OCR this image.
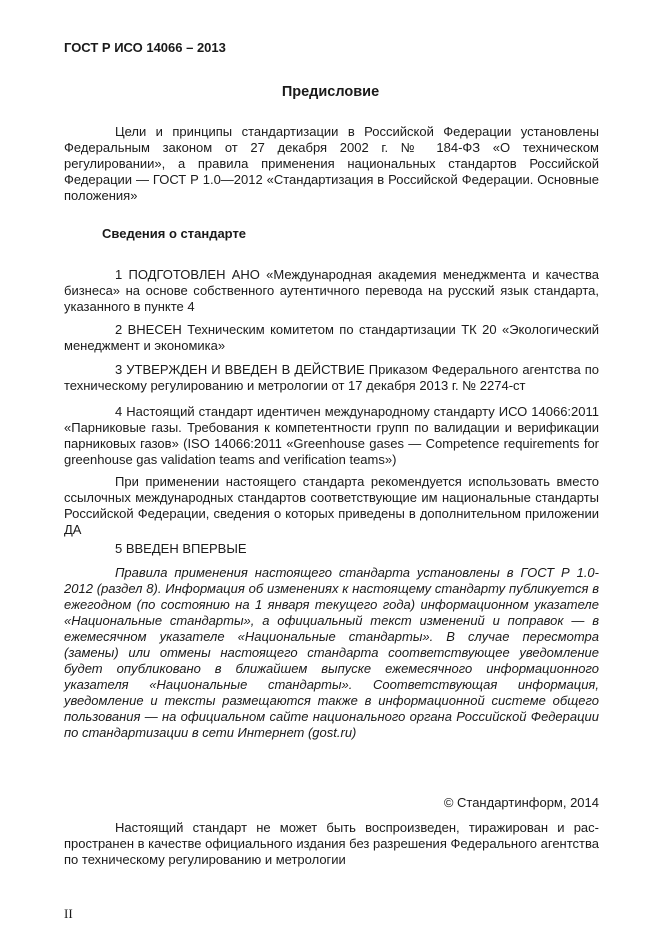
ГОСТ Р ИСО 14066 – 2013
Предисловие

Цели и принципы стандартизации в Российской Федерации установлены Федеральным законом от 27 декабря 2002 г. № 184-ФЗ «О техническом регулировании», а правила применения национальных стандартов Российской Федерации — ГОСТ Р 1.0—2012 «Стандартизация в Российской Федерации. Основные положения»

Сведения о стандарте

1 ПОДГОТОВЛЕН АНО «Международная академия менеджмента и качества бизнеса» на основе собственного аутентичного перевода на русский язык стандарта, указанного в пункте 4

2 ВНЕСЕН Техническим комитетом по стандартизации ТК 20 «Экологический менеджмент и экономика»

3 УТВЕРЖДЕН И ВВЕДЕН В ДЕЙСТВИЕ Приказом Федерального агентства по техническому регулированию и метрологии от 17 декабря 2013 г. № 2274-ст

4 Настоящий стандарт идентичен международному стандарту ИСО 14066:2011 «Парниковые газы. Требования к компетентности групп по валидации и верификации парниковых газов» (ISO 14066:2011 «Greenhouse gases — Competence requirements for greenhouse gas validation teams and verification teams»)

При применении настоящего стандарта рекомендуется использовать вместо ссылочных международных стандартов соответствующие им национальные стандарты Российской Федерации, сведения о которых приведены в дополнительном приложении ДА

5 ВВЕДЕН ВПЕРВЫЕ

Правила применения настоящего стандарта установлены в ГОСТ Р 1.0-2012 (раздел 8). Информация об изменениях к настоящему стандарту публикуется в ежегодном (по состоянию на 1 января текущего года) информационном указателе «Национальные стандарты», а официальный текст изменений и поправок — в ежемесячном указателе «Национальные стандарты». В случае пересмотра (замены) или отмены настоящего стандарта соответствующее уведомление будет опубликовано в ближайшем выпуске ежемесячного информационного указателя «Национальные стандарты». Соответствующая информация, уведомление и тексты размещаются также в информационной системе общего пользования — на официальном сайте национального органа Российской Федерации по стандартизации в сети Интернет (gost.ru)

© Стандартинформ, 2014

Настоящий стандарт не может быть воспроизведен, тиражирован и рас-пространен в качестве официального издания без разрешения Федерального агентства по техническому регулированию и метрологии

II
